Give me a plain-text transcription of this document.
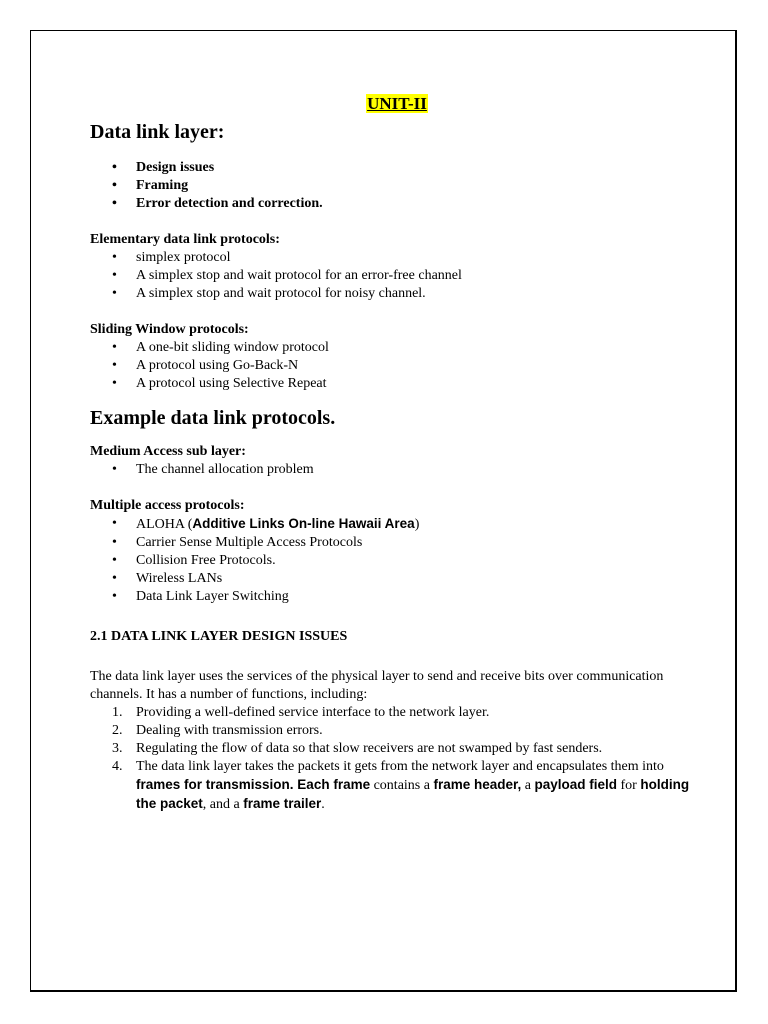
UNIT-II
Data link layer:
• Design issues
• Framing
• Error detection and correction.
Elementary data link protocols:
• simplex protocol
• A simplex stop and wait protocol for an error-free channel
• A simplex stop and wait protocol for noisy channel.
Sliding Window protocols:
• A one-bit sliding window protocol
• A protocol using Go-Back-N
• A protocol using Selective Repeat
Example data link protocols.
Medium Access sub layer:
• The channel allocation problem
Multiple access protocols:
• ALOHA (Additive Links On-line Hawaii Area)
• Carrier Sense Multiple Access Protocols
• Collision Free Protocols.
• Wireless LANs
• Data Link Layer Switching
2.1 DATA LINK LAYER DESIGN ISSUES

The data link layer uses the services of the physical layer to send and receive bits over communication channels. It has a number of functions, including:

1. Providing a well-defined service interface to the network layer.
2. Dealing with transmission errors.
3. Regulating the flow of data so that slow receivers are not swamped by fast senders.
4. The data link layer takes the packets it gets from the network layer and encapsulates them into frames for transmission. Each frame contains a frame header, a payload field for holding the packet, and a frame trailer.
